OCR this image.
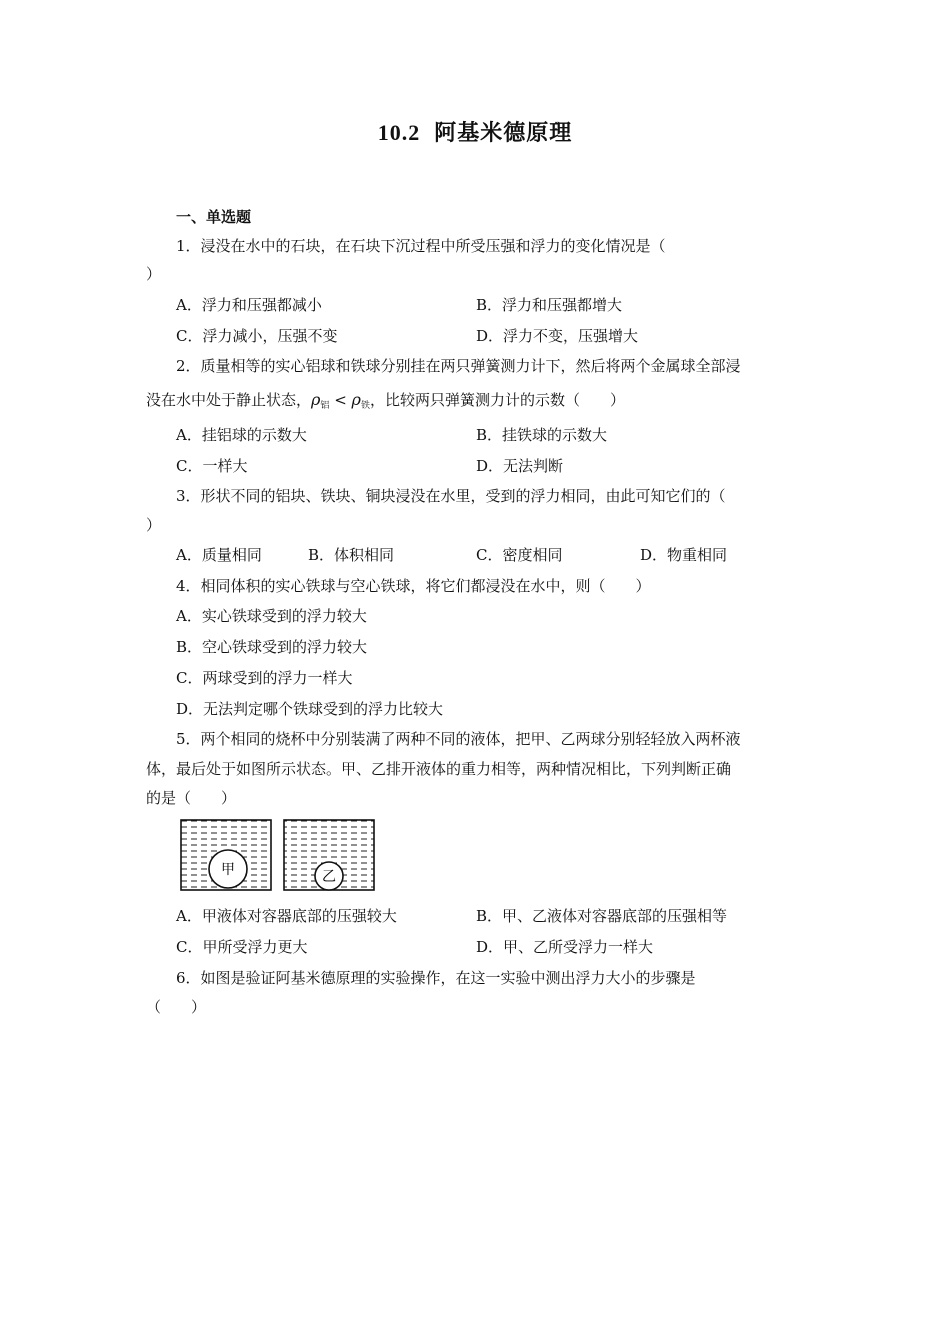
10.2 阿基米德原理
一、单选题
1．浸没在水中的石块，在石块下沉过程中所受压强和浮力的变化情况是（
）
A．浮力和压强都减小	B．浮力和压强都增大
C．浮力减小，压强不变	D．浮力不变，压强增大
2．质量相等的实心铝球和铁球分别挂在两只弹簧测力计下，然后将两个金属球全部浸
没在水中处于静止状态，$\rho_铝 < \rho_铁$，比较两只弹簧测力计的示数（　　）
A．挂铝球的示数大	B．挂铁球的示数大
C．一样大	D．无法判断
3．形状不同的铝块、铁块、铜块浸没在水里，受到的浮力相同，由此可知它们的（
）
A．质量相同	B．体积相同	C．密度相同	D．物重相同
4．相同体积的实心铁球与空心铁球，将它们都浸没在水中，则（　　）
A．实心铁球受到的浮力较大
B．空心铁球受到的浮力较大
C．两球受到的浮力一样大
D．无法判定哪个铁球受到的浮力比较大
5．两个相同的烧杯中分别装满了两种不同的液体，把甲、乙两球分别轻轻放入两杯液
体，最后处于如图所示状态。甲、乙排开液体的重力相等，两种情况相比，下列判断正确
的是（　　）
甲	乙
A．甲液体对容器底部的压强较大	B．甲、乙液体对容器底部的压强相等
C．甲所受浮力更大	D．甲、乙所受浮力一样大
6．如图是验证阿基米德原理的实验操作，在这一实验中测出浮力大小的步骤是
（　　）
